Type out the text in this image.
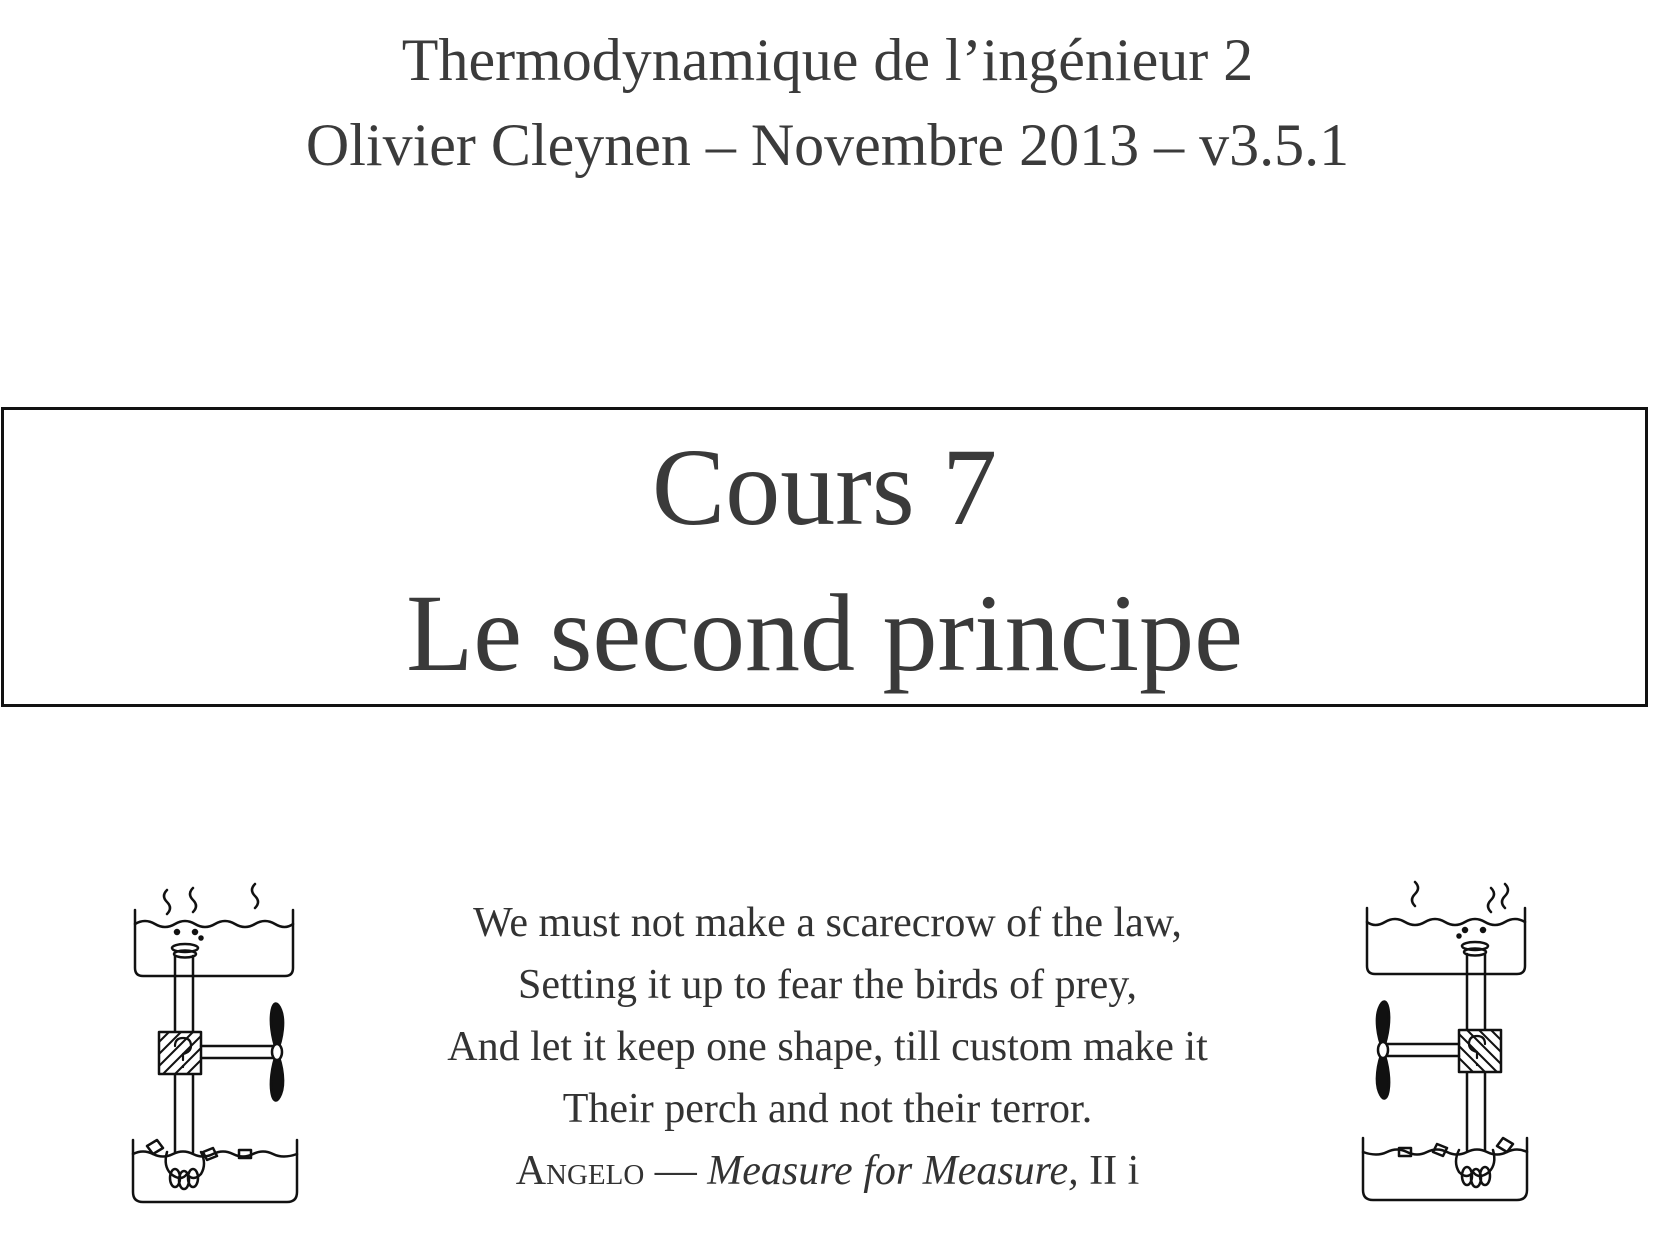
Thermodynamique de l’ingénieur 2
Olivier Cleynen – Novembre 2013 – v3.5.1
Cours 7
Le second principe
We must not make a scarecrow of the law,
Setting it up to fear the birds of prey,
And let it keep one shape, till custom make it
Their perch and not their terror.
Angelo — Measure for Measure, II i
